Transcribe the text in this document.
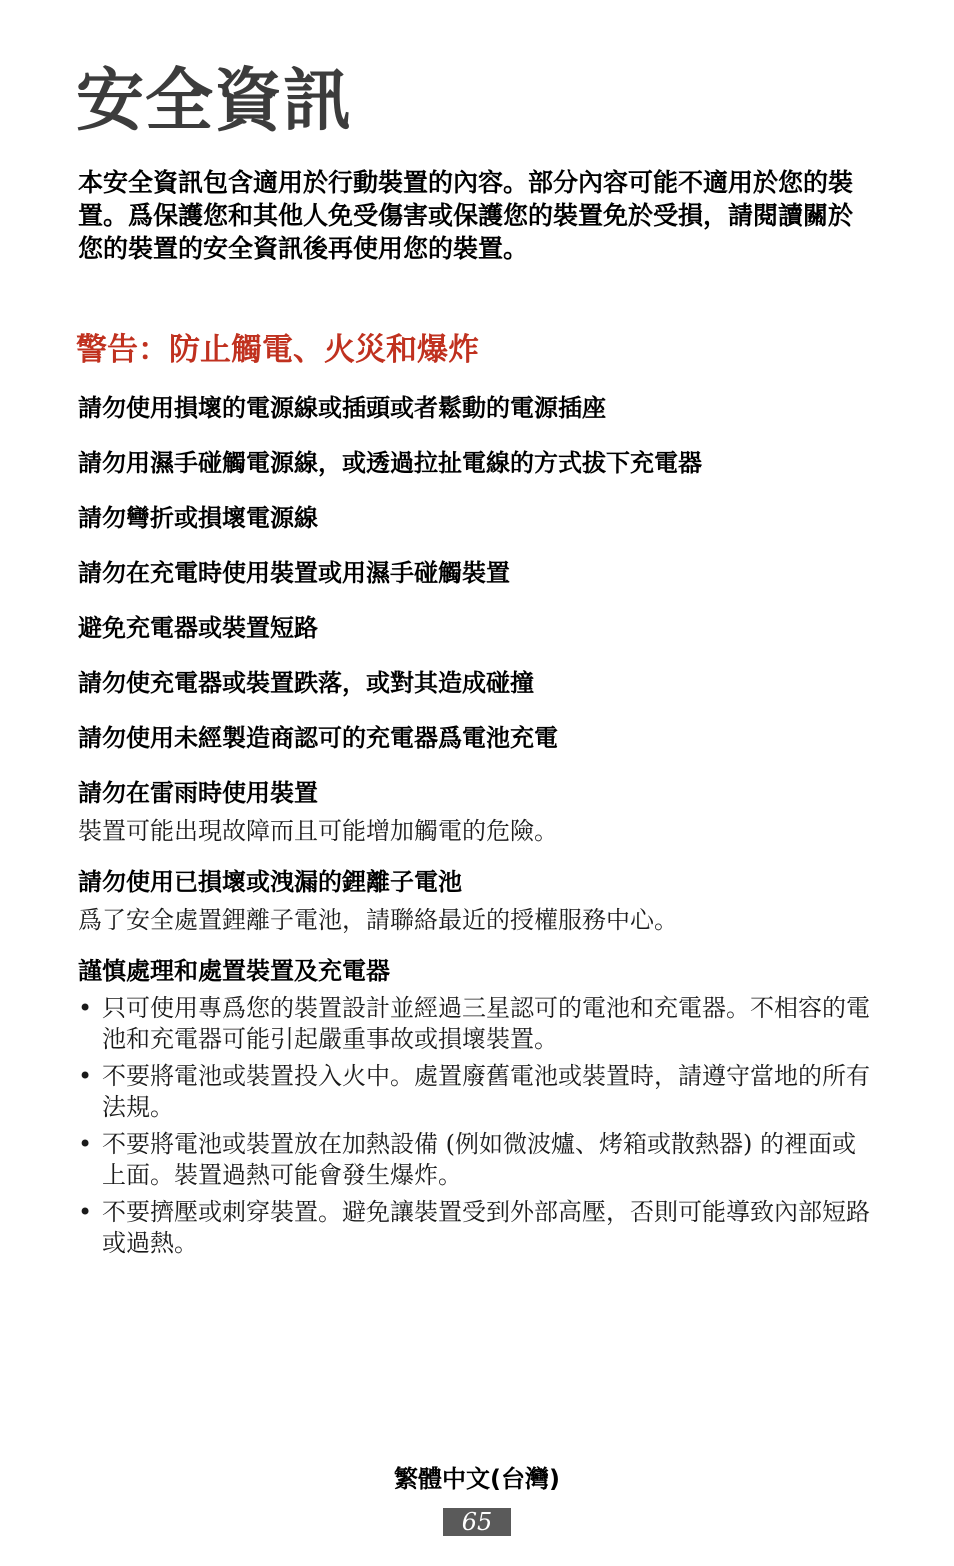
安全資訊

本安全資訊包含適用於行動裝置的內容。部分內容可能不適用於您的裝置。爲保護您和其他人免受傷害或保護您的裝置免於受損，請閱讀關於您的裝置的安全資訊後再使用您的裝置。

警告：防止觸電、火災和爆炸
請勿使用損壞的電源線或插頭或者鬆動的電源插座
請勿用濕手碰觸電源線，或透過拉扯電線的方式拔下充電器
請勿彎折或損壞電源線
請勿在充電時使用裝置或用濕手碰觸裝置
避免充電器或裝置短路
請勿使充電器或裝置跌落，或對其造成碰撞
請勿使用未經製造商認可的充電器爲電池充電
請勿在雷雨時使用裝置

裝置可能出現故障而且可能增加觸電的危險。

請勿使用已損壞或洩漏的鋰離子電池

爲了安全處置鋰離子電池，請聯絡最近的授權服務中心。

謹慎處理和處置裝置及充電器
• 只可使用專爲您的裝置設計並經過三星認可的電池和充電器。不相容的電池和充電器可能引起嚴重事故或損壞裝置。
• 不要將電池或裝置投入火中。處置廢舊電池或裝置時，請遵守當地的所有法規。
• 不要將電池或裝置放在加熱設備 (例如微波爐、烤箱或散熱器) 的裡面或上面。裝置過熱可能會發生爆炸。
• 不要擠壓或刺穿裝置。避免讓裝置受到外部高壓，否則可能導致內部短路或過熱。

繁體中文(台灣)

65
